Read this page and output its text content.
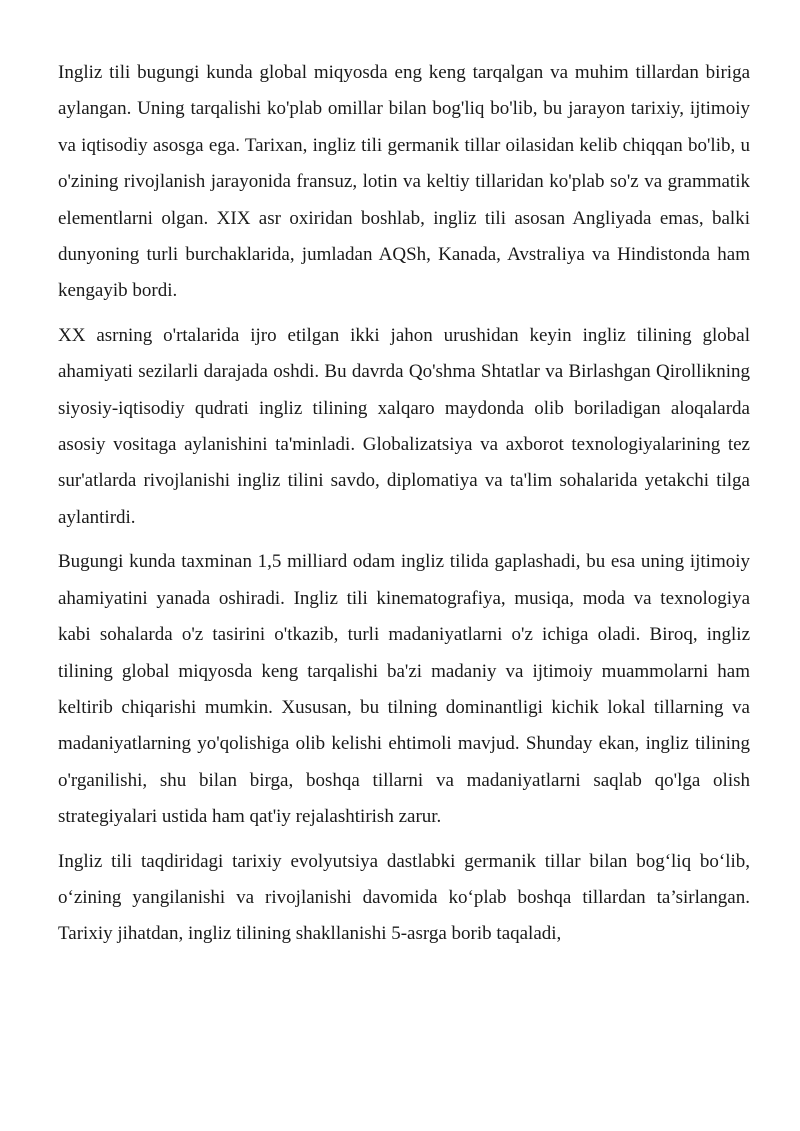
Ingliz tili bugungi kunda global miqyosda eng keng tarqalgan va muhim tillardan biriga aylangan. Uning tarqalishi ko'plab omillar bilan bog'liq bo'lib, bu jarayon tarixiy, ijtimoiy va iqtisodiy asosga ega. Tarixan, ingliz tili germanik tillar oilasidan kelib chiqqan bo'lib, u o'zining rivojlanish jarayonida fransuz, lotin va keltiy tillaridan ko'plab so'z va grammatik elementlarni olgan. XIX asr oxiridan boshlab, ingliz tili asosan Angliyada emas, balki dunyoning turli burchaklarida, jumladan AQSh, Kanada, Avstraliya va Hindistonda ham kengayib bordi.

XX asrning o'rtalarida ijro etilgan ikki jahon urushidan keyin ingliz tilining global ahamiyati sezilarli darajada oshdi. Bu davrda Qo'shma Shtatlar va Birlashgan Qirollikning siyosiy-iqtisodiy qudrati ingliz tilining xalqaro maydonda olib boriladigan aloqalarda asosiy vositaga aylanishini ta'minladi. Globalizatsiya va axborot texnologiyalarining tez sur'atlarda rivojlanishi ingliz tilini savdo, diplomatiya va ta'lim sohalarida yetakchi tilga aylantirdi.

Bugungi kunda taxminan 1,5 milliard odam ingliz tilida gaplashadi, bu esa uning ijtimoiy ahamiyatini yanada oshiradi. Ingliz tili kinematografiya, musiqa, moda va texnologiya kabi sohalarda o'z tasirini o'tkazib, turli madaniyatlarni o'z ichiga oladi. Biroq, ingliz tilining global miqyosda keng tarqalishi ba'zi madaniy va ijtimoiy muammolarni ham keltirib chiqarishi mumkin. Xususan, bu tilning dominantligi kichik lokal tillarning va madaniyatlarning yo'qolishiga olib kelishi ehtimoli mavjud. Shunday ekan, ingliz tilining o'rganilishi, shu bilan birga, boshqa tillarni va madaniyatlarni saqlab qo'lga olish strategiyalari ustida ham qat'iy rejalashtirish zarur.

Ingliz tili taqdiridagi tarixiy evolyutsiya dastlabki germanik tillar bilan bog‘liq bo‘lib, o‘zining yangilanishi va rivojlanishi davomida ko‘plab boshqa tillardan ta’sirlangan. Tarixiy jihatdan, ingliz tilining shakllanishi 5-asrga borib taqaladi,
